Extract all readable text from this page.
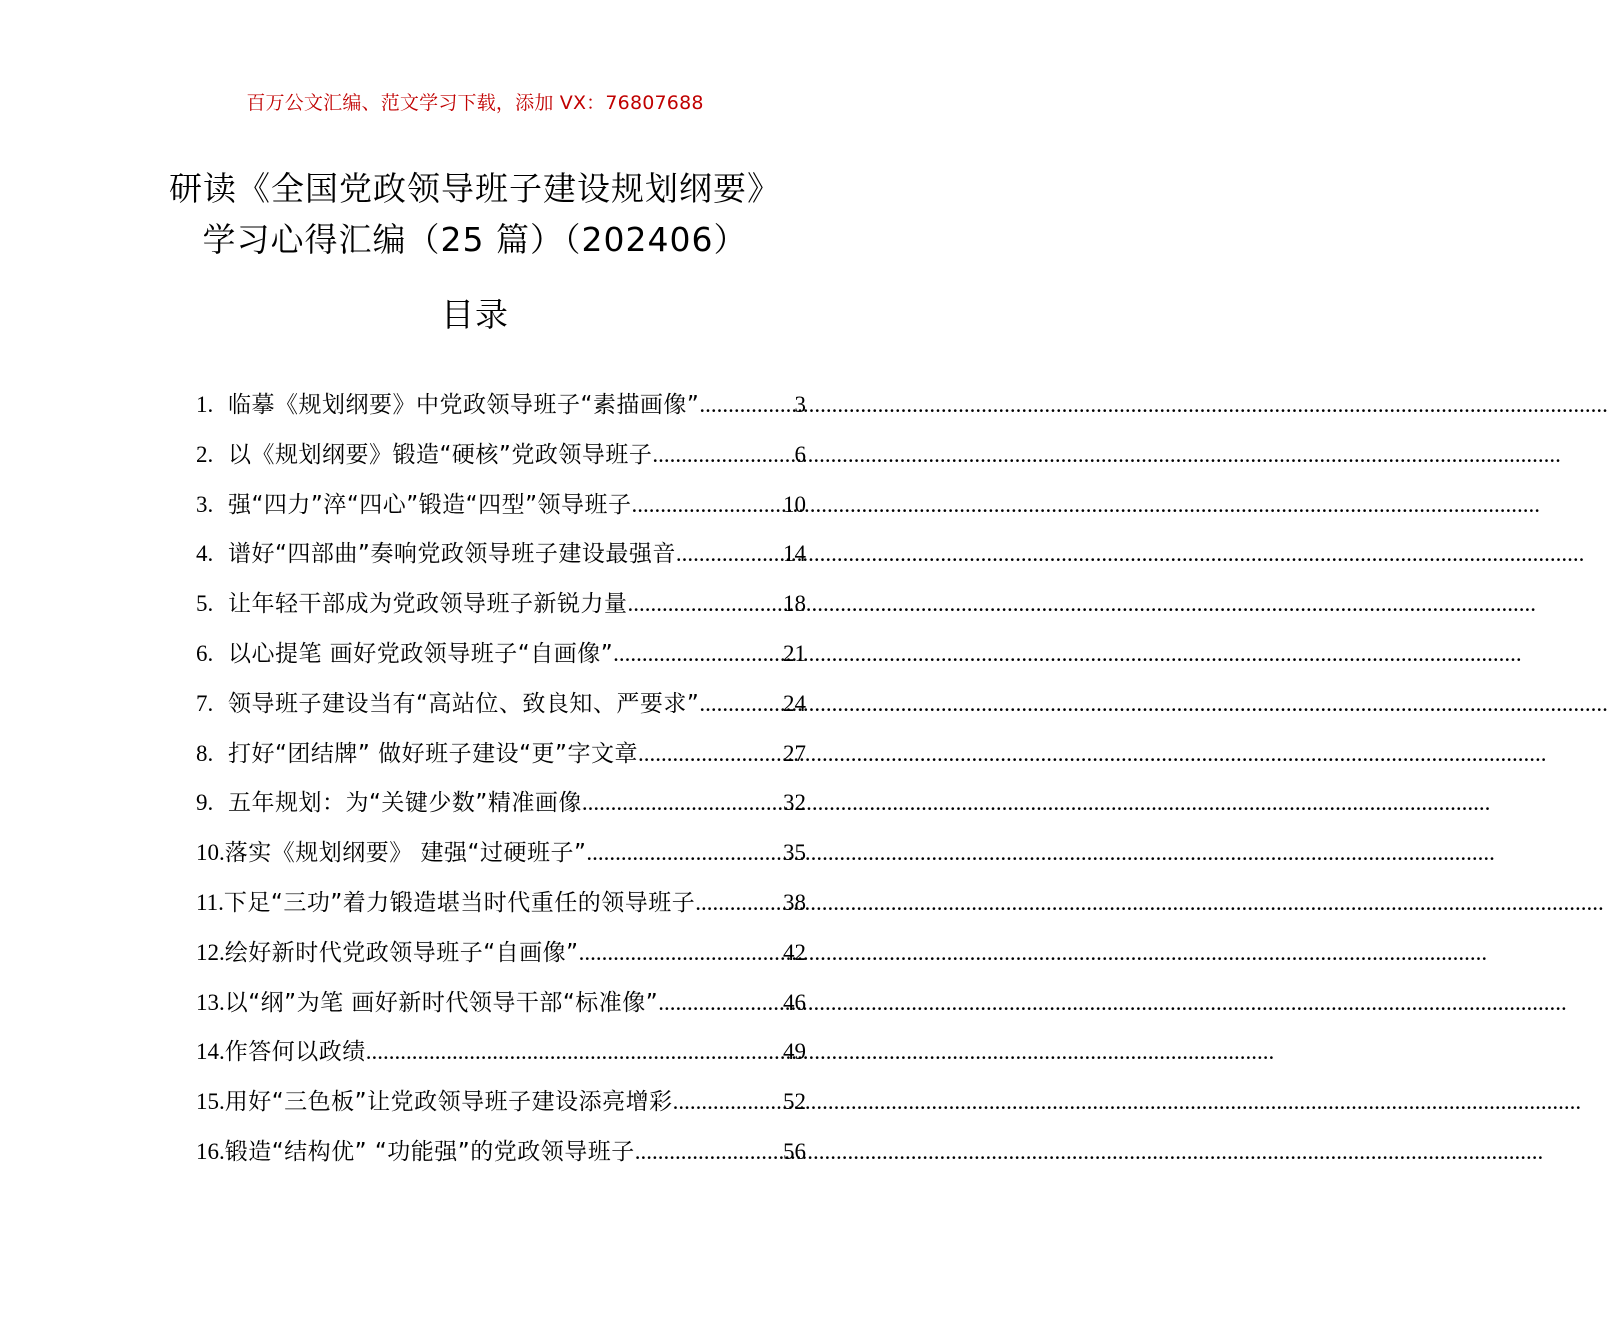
百万公文汇编、范文学习下载，添加 VX：76807688
研读《全国党政领导班子建设规划纲要》
学习心得汇编（25 篇）（202406）
目录
1. 临摹《规划纲要》中党政领导班子“素描画像” .....	3
2. 以《规划纲要》锻造“硬核”党政领导班子 .....	6
3. 强“四力”淬“四心”锻造“四型”领导班子 .....	10
4. 谱好“四部曲”奏响党政领导班子建设最强音 .....	14
5. 让年轻干部成为党政领导班子新锐力量 .....	18
6. 以心提笔 画好党政领导班子“自画像” .....	21
7. 领导班子建设当有“高站位、致良知、严要求” .....	24
8. 打好“团结牌” 做好班子建设“更”字文章 .....	27
9. 五年规划：为“关键少数”精准画像 .....	32
10. 落实《规划纲要》 建强“过硬班子” .....	35
11. 下足“三功”着力锻造堪当时代重任的领导班子 .....	38
12. 绘好新时代党政领导班子“自画像” .....	42
13. 以“纲”为笔 画好新时代领导干部“标准像” .....	46
14. 作答何以政绩 .....	49
15. 用好“三色板”让党政领导班子建设添亮增彩 .....	52
16. 锻造“结构优” “功能强”的党政领导班子 .....	56
